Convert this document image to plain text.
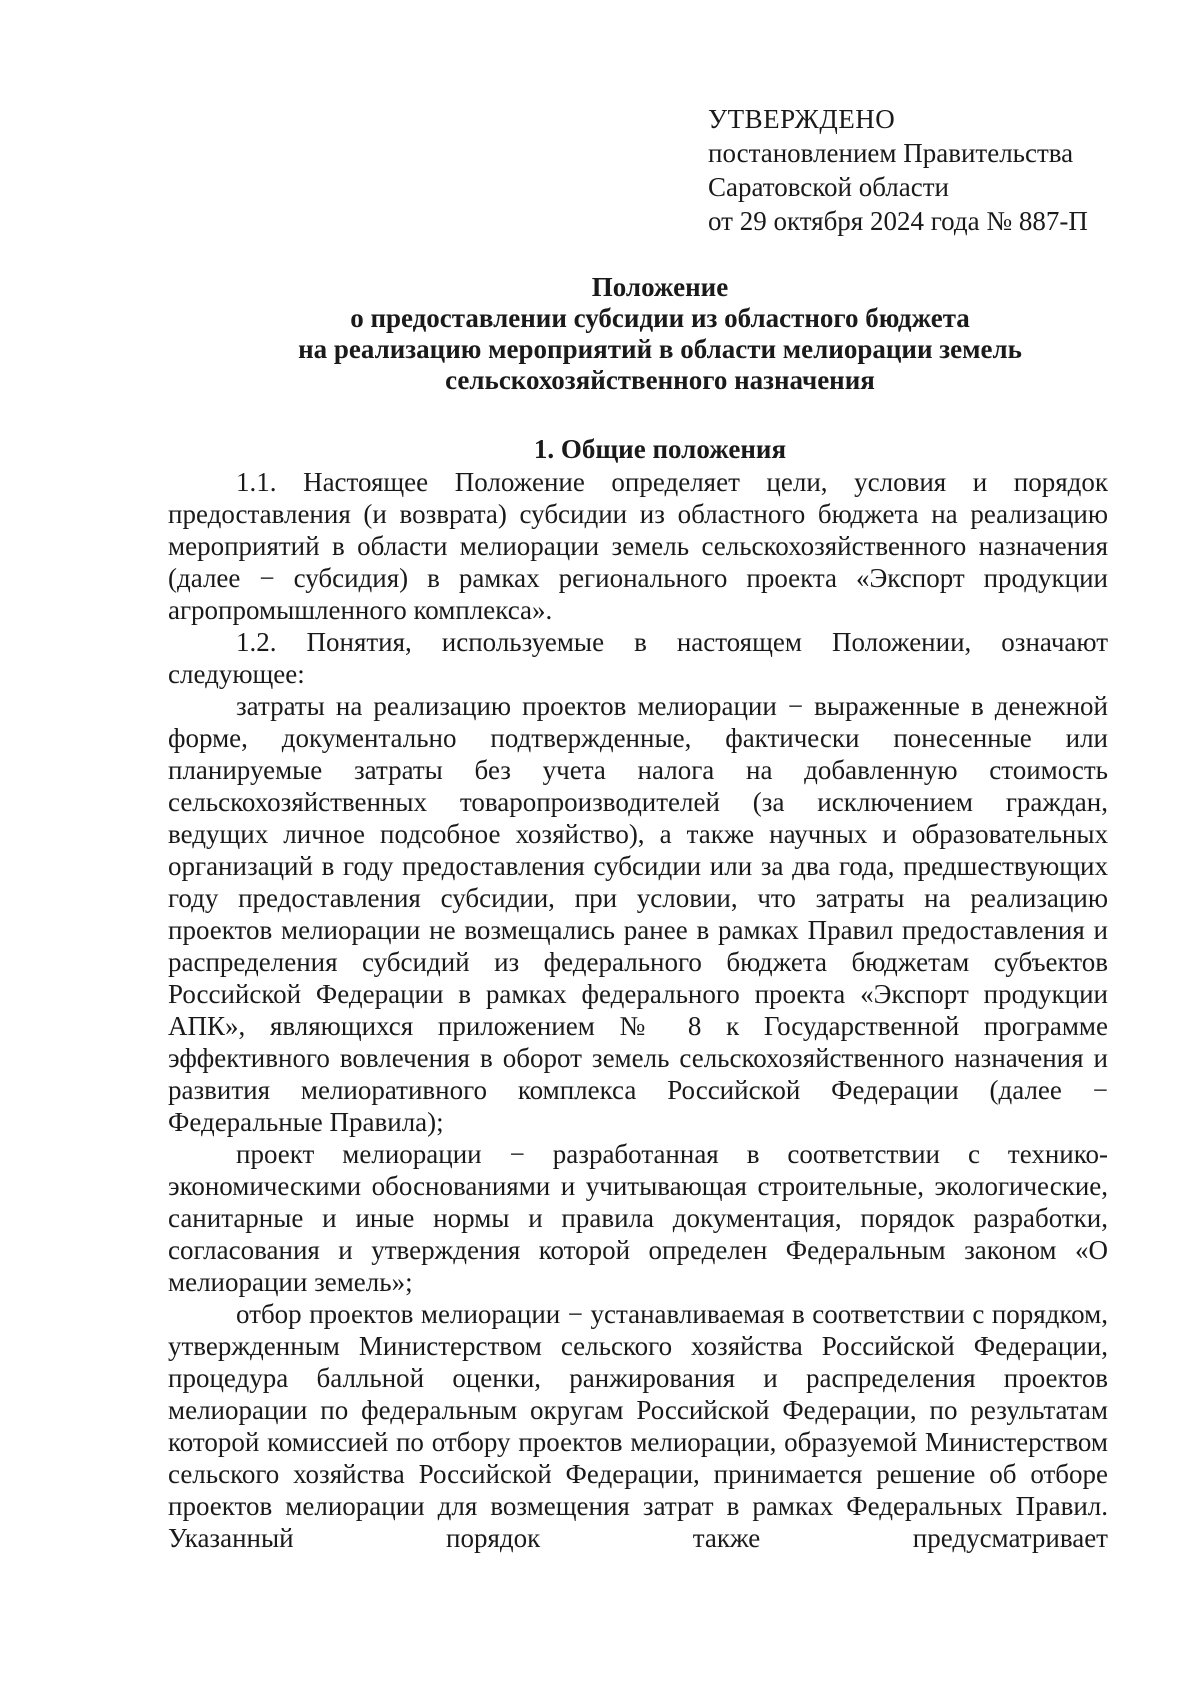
УТВЕРЖДЕНО
постановлением Правительства
Саратовской области
от 29 октября 2024 года № 887-П
Положение
о предоставлении субсидии из областного бюджета
на реализацию мероприятий в области мелиорации земель
сельскохозяйственного назначения
1. Общие положения

1.1. Настоящее Положение определяет цели, условия и порядок предоставления (и возврата) субсидии из областного бюджета на реализацию мероприятий в области мелиорации земель сельскохозяйственного назначения (далее − субсидия) в рамках регионального проекта «Экспорт продукции агропромышленного комплекса».

1.2. Понятия, используемые в настоящем Положении, означают следующее:

затраты на реализацию проектов мелиорации − выраженные в денежной форме, документально подтвержденные, фактически понесенные или планируемые затраты без учета налога на добавленную стоимость сельскохозяйственных товаропроизводителей (за исключением граждан, ведущих личное подсобное хозяйство), а также научных и образовательных организаций в году предоставления субсидии или за два года, предшествующих году предоставления субсидии, при условии, что затраты на реализацию проектов мелиорации не возмещались ранее в рамках Правил предоставления и распределения субсидий из федерального бюджета бюджетам субъектов Российской Федерации в рамках федерального проекта «Экспорт продукции АПК», являющихся приложением № 8 к Государственной программе эффективного вовлечения в оборот земель сельскохозяйственного назначения и развития мелиоративного комплекса Российской Федерации (далее − Федеральные Правила);

проект мелиорации − разработанная в соответствии с технико-экономическими обоснованиями и учитывающая строительные, экологические, санитарные и иные нормы и правила документация, порядок разработки, согласования и утверждения которой определен Федеральным законом «О мелиорации земель»;

отбор проектов мелиорации − устанавливаемая в соответствии с порядком, утвержденным Министерством сельского хозяйства Российской Федерации, процедура балльной оценки, ранжирования и распределения проектов мелиорации по федеральным округам Российской Федерации, по результатам которой комиссией по отбору проектов мелиорации, образуемой Министерством сельского хозяйства Российской Федерации, принимается решение об отборе проектов мелиорации для возмещения затрат в рамках Федеральных Правил. Указанный порядок также предусматривает
